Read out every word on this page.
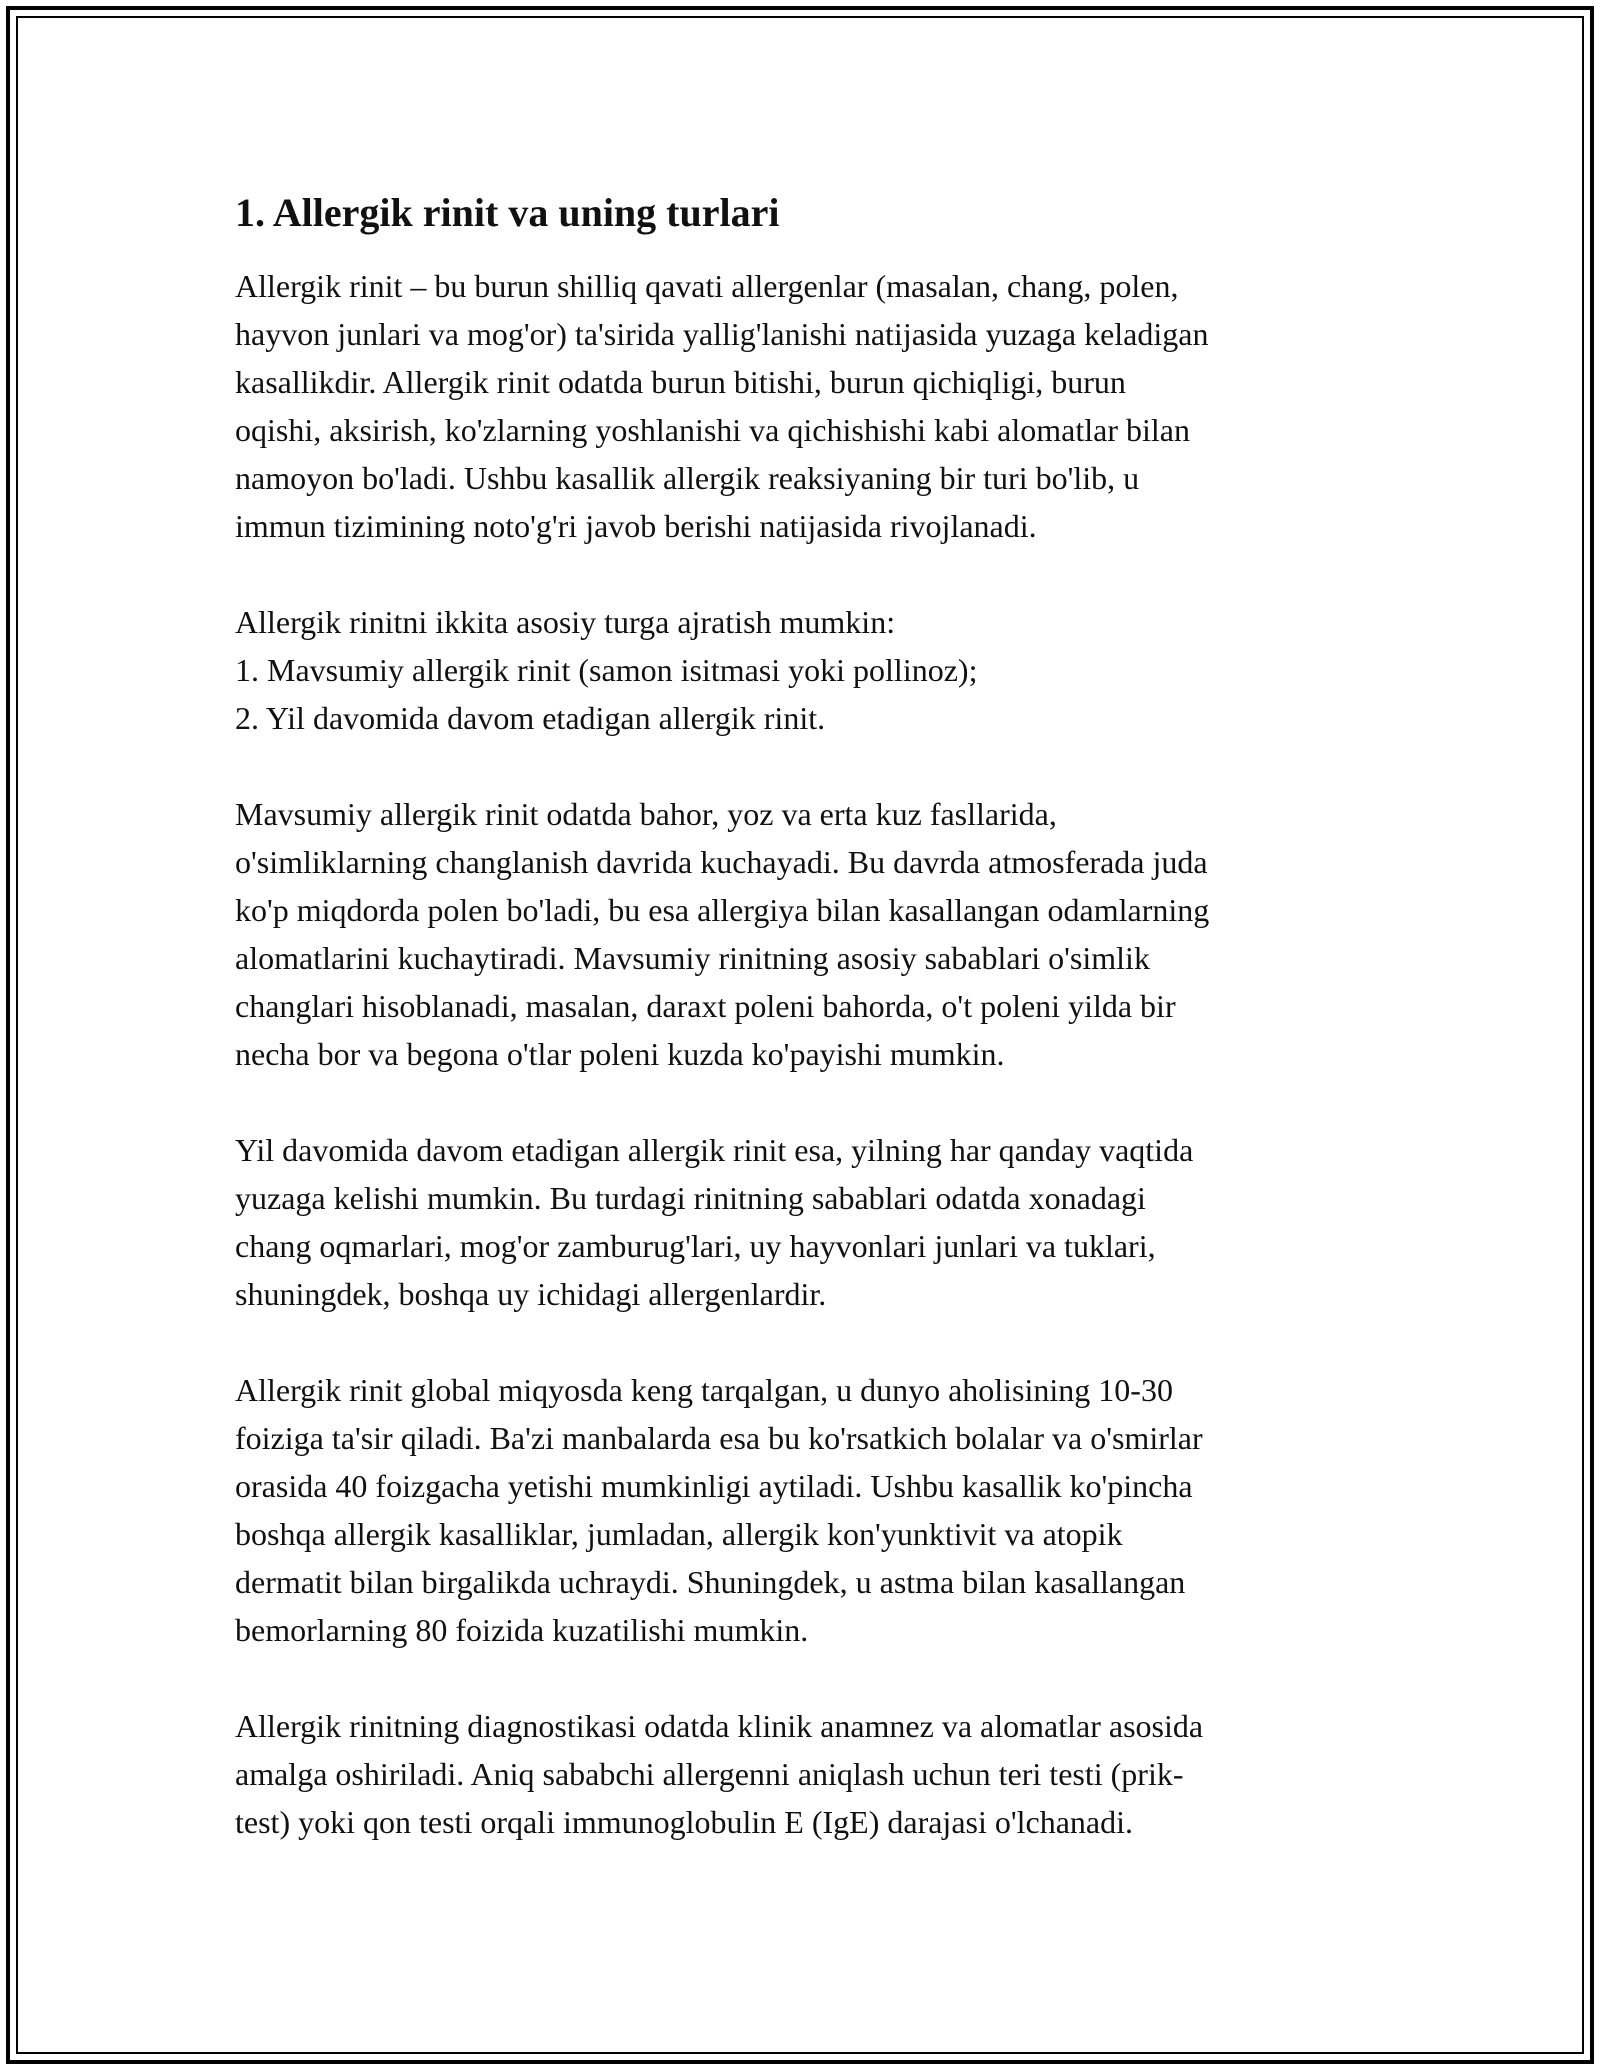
1. Allergik rinit va uning turlari
Allergik rinit – bu burun shilliq qavati allergenlar (masalan, chang, polen,
hayvon junlari va mog'or) ta'sirida yallig'lanishi natijasida yuzaga keladigan
kasallikdir. Allergik rinit odatda burun bitishi, burun qichiqligi, burun
oqishi, aksirish, ko'zlarning yoshlanishi va qichishishi kabi alomatlar bilan
namoyon bo'ladi. Ushbu kasallik allergik reaksiyaning bir turi bo'lib, u
immun tizimining noto'g'ri javob berishi natijasida rivojlanadi.
Allergik rinitni ikkita asosiy turga ajratish mumkin:
1. Mavsumiy allergik rinit (samon isitmasi yoki pollinoz);
2. Yil davomida davom etadigan allergik rinit.
Mavsumiy allergik rinit odatda bahor, yoz va erta kuz fasllarida,
o'simliklarning changlanish davrida kuchayadi. Bu davrda atmosferada juda
ko'p miqdorda polen bo'ladi, bu esa allergiya bilan kasallangan odamlarning
alomatlarini kuchaytiradi. Mavsumiy rinitning asosiy sabablari o'simlik
changlari hisoblanadi, masalan, daraxt poleni bahorda, o't poleni yilda bir
necha bor va begona o'tlar poleni kuzda ko'payishi mumkin.
Yil davomida davom etadigan allergik rinit esa, yilning har qanday vaqtida
yuzaga kelishi mumkin. Bu turdagi rinitning sabablari odatda xonadagi
chang oqmarlari, mog'or zamburug'lari, uy hayvonlari junlari va tuklari,
shuningdek, boshqa uy ichidagi allergenlardir.
Allergik rinit global miqyosda keng tarqalgan, u dunyo aholisining 10-30
foiziga ta'sir qiladi. Ba'zi manbalarda esa bu ko'rsatkich bolalar va o'smirlar
orasida 40 foizgacha yetishi mumkinligi aytiladi. Ushbu kasallik ko'pincha
boshqa allergik kasalliklar, jumladan, allergik kon'yunktivit va atopik
dermatit bilan birgalikda uchraydi. Shuningdek, u astma bilan kasallangan
bemorlarning 80 foizida kuzatilishi mumkin.
Allergik rinitning diagnostikasi odatda klinik anamnez va alomatlar asosida
amalga oshiriladi. Aniq sababchi allergenni aniqlash uchun teri testi (prik-
test) yoki qon testi orqali immunoglobulin E (IgE) darajasi o'lchanadi.
